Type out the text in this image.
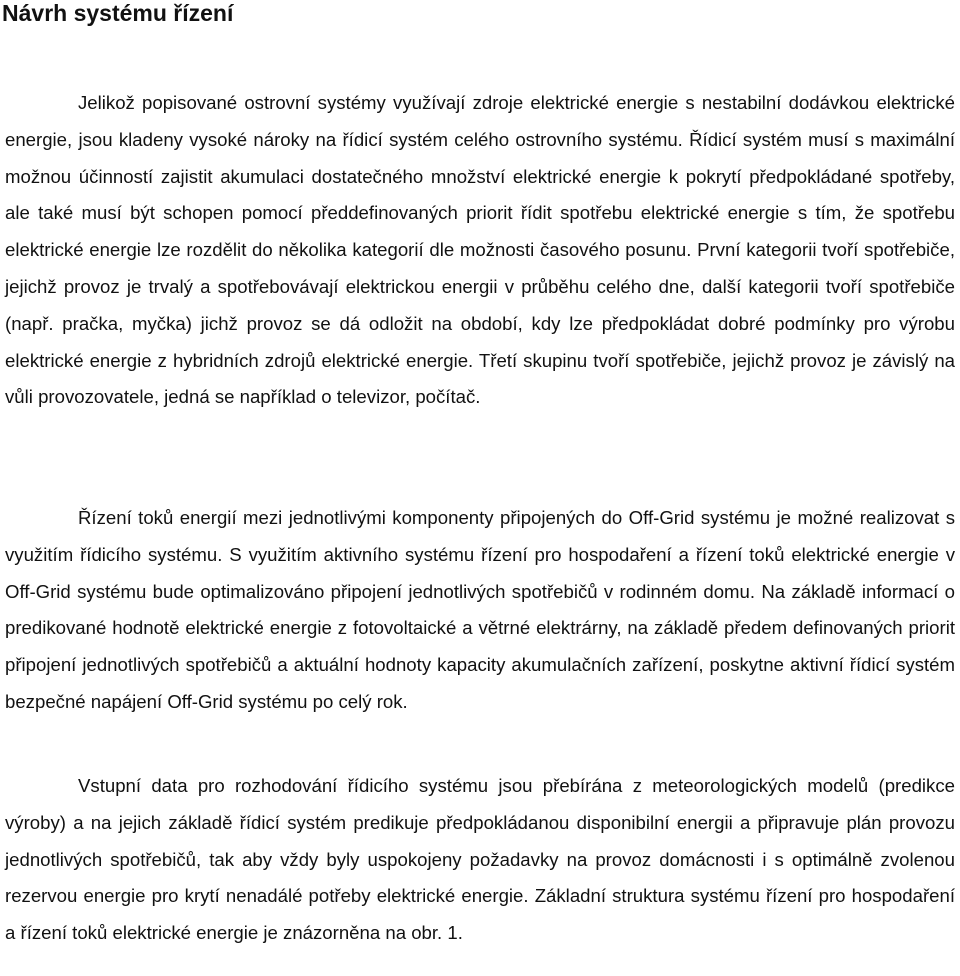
Návrh systému řízení

Jelikož popisované ostrovní systémy využívají zdroje elektrické energie s nestabilní dodávkou elektrické energie, jsou kladeny vysoké nároky na řídicí systém celého ostrovního systému. Řídicí systém musí s maximální možnou účinností zajistit akumulaci dostatečného množství elektrické energie k pokrytí předpokládané spotřeby, ale také musí být schopen pomocí předdefinovaných priorit řídit spotřebu elektrické energie s tím, že spotřebu elektrické energie lze rozdělit do několika kategorií dle možnosti časového posunu. První kategorii tvoří spotřebiče, jejichž provoz je trvalý a spotřebovávají elektrickou energii v průběhu celého dne, další kategorii tvoří spotřebiče (např. pračka, myčka) jichž provoz se dá odložit na období, kdy lze předpokládat dobré podmínky pro výrobu elektrické energie z hybridních zdrojů elektrické energie. Třetí skupinu tvoří spotřebiče, jejichž provoz je závislý na vůli provozovatele, jedná se například o televizor, počítač.

Řízení toků energií mezi jednotlivými komponenty připojených do Off-Grid systému je možné realizovat s využitím řídicího systému. S využitím aktivního systému řízení pro hospodaření a řízení toků elektrické energie v Off-Grid systému bude optimalizováno připojení jednotlivých spotřebičů v rodinném domu. Na základě informací o predikované hodnotě elektrické energie z fotovoltaické a větrné elektrárny, na základě předem definovaných priorit připojení jednotlivých spotřebičů a aktuální hodnoty kapacity akumulačních zařízení, poskytne aktivní řídicí systém bezpečné napájení Off-Grid systému po celý rok.

Vstupní data pro rozhodování řídicího systému jsou přebírána z meteorologických modelů (predikce výroby) a na jejich základě řídicí systém predikuje předpokládanou disponibilní energii a připravuje plán provozu jednotlivých spotřebičů, tak aby vždy byly uspokojeny požadavky na provoz domácnosti i s optimálně zvolenou rezervou energie pro krytí nenadálé potřeby elektrické energie. Základní struktura systému řízení pro hospodaření a řízení toků elektrické energie je znázorněna na obr. 1.
